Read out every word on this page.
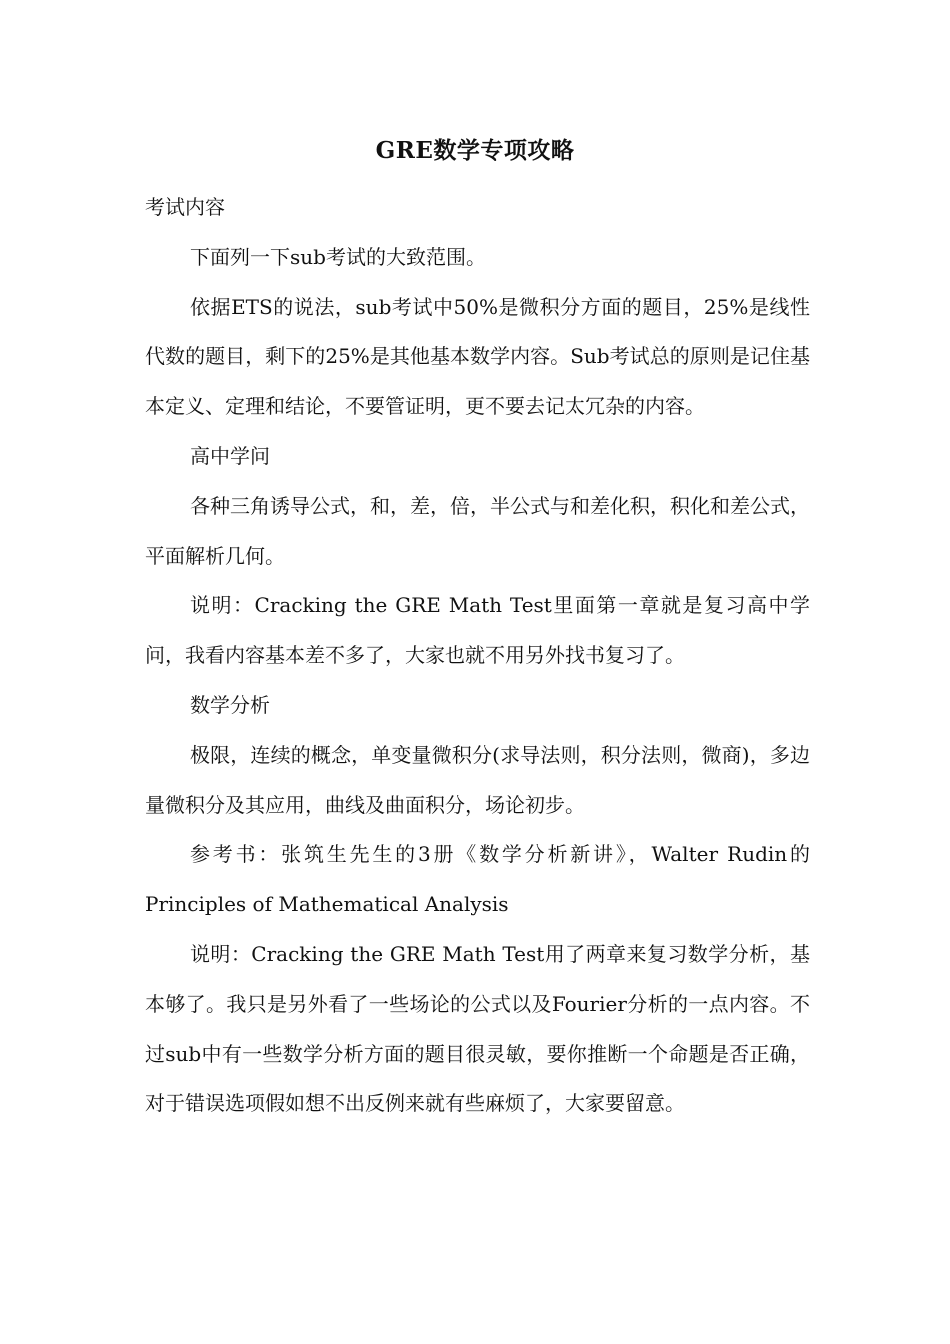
GRE数学专项攻略

考试内容

下面列一下sub考试的大致范围。

依据ETS的说法，sub考试中50%是微积分方面的题目，25%是线性代数的题目，剩下的25%是其他基本数学内容。Sub考试总的原则是记住基本定义、定理和结论，不要管证明，更不要去记太冗杂的内容。

高中学问

各种三角诱导公式，和，差，倍，半公式与和差化积，积化和差公式，平面解析几何。

说明：Cracking the GRE Math Test里面第一章就是复习高中学问，我看内容基本差不多了，大家也就不用另外找书复习了。

数学分析

极限，连续的概念，单变量微积分(求导法则，积分法则，微商)，多边量微积分及其应用，曲线及曲面积分，场论初步。

参考书：张筑生先生的3册《数学分析新讲》，Walter Rudin的Principles of Mathematical Analysis

说明：Cracking the GRE Math Test用了两章来复习数学分析，基本够了。我只是另外看了一些场论的公式以及Fourier分析的一点内容。不过sub中有一些数学分析方面的题目很灵敏，要你推断一个命题是否正确，对于错误选项假如想不出反例来就有些麻烦了，大家要留意。
